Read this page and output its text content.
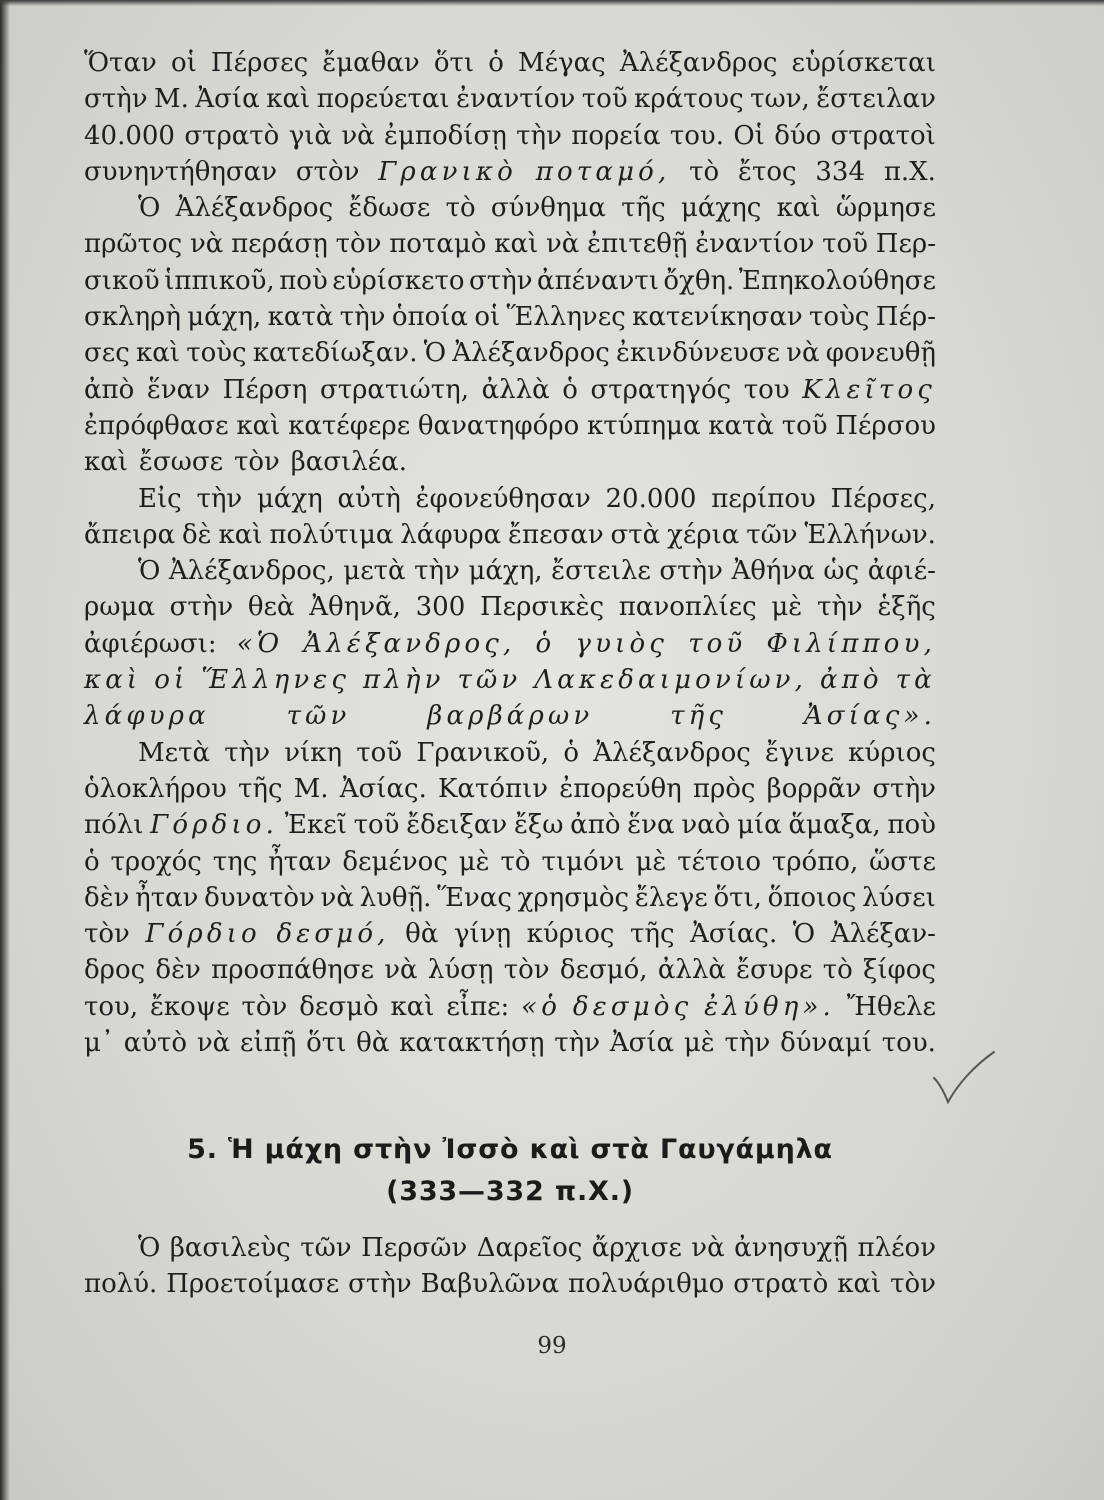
Ὅταν οἱ Πέρσες ἔμαθαν ὅτι ὁ Μέγας Ἀλέξανδρος εὑρίσκεται
στὴν Μ. Ἀσία καὶ πορεύεται ἐναντίον τοῦ κράτους των, ἔστειλαν
40.000 στρατὸ γιὰ νὰ ἐμποδίσῃ τὴν πορεία του. Οἱ δύο στρατοὶ
συνηντήθησαν στὸν Γρανικὸ ποταμό, τὸ ἔτος 334 π.Χ.
Ὁ Ἀλέξανδρος ἔδωσε τὸ σύνθημα τῆς μάχης καὶ ὥρμησε
πρῶτος νὰ περάσῃ τὸν ποταμὸ καὶ νὰ ἐπιτεθῇ ἐναντίον τοῦ Περ-
σικοῦ ἱππικοῦ, ποὺ εὑρίσκετο στὴν ἀπέναντι ὄχθη. Ἐπηκολούθησε
σκληρὴ μάχη, κατὰ τὴν ὁποία οἱ Ἕλληνες κατενίκησαν τοὺς Πέρ-
σες καὶ τοὺς κατεδίωξαν. Ὁ Ἀλέξανδρος ἐκινδύνευσε νὰ φονευθῇ
ἀπὸ ἕναν Πέρση στρατιώτη, ἀλλὰ ὁ στρατηγός του Κλεῖτος
ἐπρόφθασε καὶ κατέφερε θανατηφόρο κτύπημα κατὰ τοῦ Πέρσου
καὶ ἔσωσε τὸν βασιλέα.
Εἰς τὴν μάχη αὐτὴ ἐφονεύθησαν 20.000 περίπου Πέρσες,
ἄπειρα δὲ καὶ πολύτιμα λάφυρα ἔπεσαν στὰ χέρια τῶν Ἑλλήνων.
Ὁ Ἀλέξανδρος, μετὰ τὴν μάχη, ἔστειλε στὴν Ἀθήνα ὡς ἀφιέ-
ρωμα στὴν θεὰ Ἀθηνᾶ, 300 Περσικὲς πανοπλίες μὲ τὴν ἑξῆς
ἀφιέρωσι: «Ὁ Ἀλέξανδρος, ὁ γυιὸς τοῦ Φιλίππου,
καὶ οἱ Ἕλληνες πλὴν τῶν Λακεδαιμονίων, ἀπὸ τὰ
λάφυρα	τῶν	βαρβάρων	τῆς	Ἀσίας».
Μετὰ τὴν νίκη τοῦ Γρανικοῦ, ὁ Ἀλέξανδρος ἔγινε κύριος
ὁλοκλήρου τῆς Μ. Ἀσίας. Κατόπιν ἐπορεύθη πρὸς βορρᾶν στὴν
πόλι Γόρδιο. Ἐκεῖ τοῦ ἔδειξαν ἔξω ἀπὸ ἕνα ναὸ μία ἅμαξα, ποὺ
ὁ τροχός της ἦταν δεμένος μὲ τὸ τιμόνι μὲ τέτοιο τρόπο, ὥστε
δὲν ἦταν δυνατὸν νὰ λυθῇ. Ἕνας χρησμὸς ἔλεγε ὅτι, ὅποιος λύσει
τὸν Γόρδιο δεσμό, θὰ γίνῃ κύριος τῆς Ἀσίας. Ὁ Ἀλέξαν-
δρος δὲν προσπάθησε νὰ λύσῃ τὸν δεσμό, ἀλλὰ ἔσυρε τὸ ξίφος
του, ἔκοψε τὸν δεσμὸ καὶ εἶπε: «ὁ δεσμὸς ἐλύθη». Ἤθελε
μ᾽ αὐτὸ νὰ εἰπῇ ὅτι θὰ κατακτήσῃ τὴν Ἀσία μὲ τὴν δύναμί του.
5. Ἡ μάχη στὴν Ἰσσὸ καὶ στὰ Γαυγάμηλα
(333—332 π.Χ.)
Ὁ βασιλεὺς τῶν Περσῶν Δαρεῖος ἄρχισε νὰ ἀνησυχῇ πλέον
πολύ. Προετοίμασε στὴν Βαβυλῶνα πολυάριθμο στρατὸ καὶ τὸν
99
